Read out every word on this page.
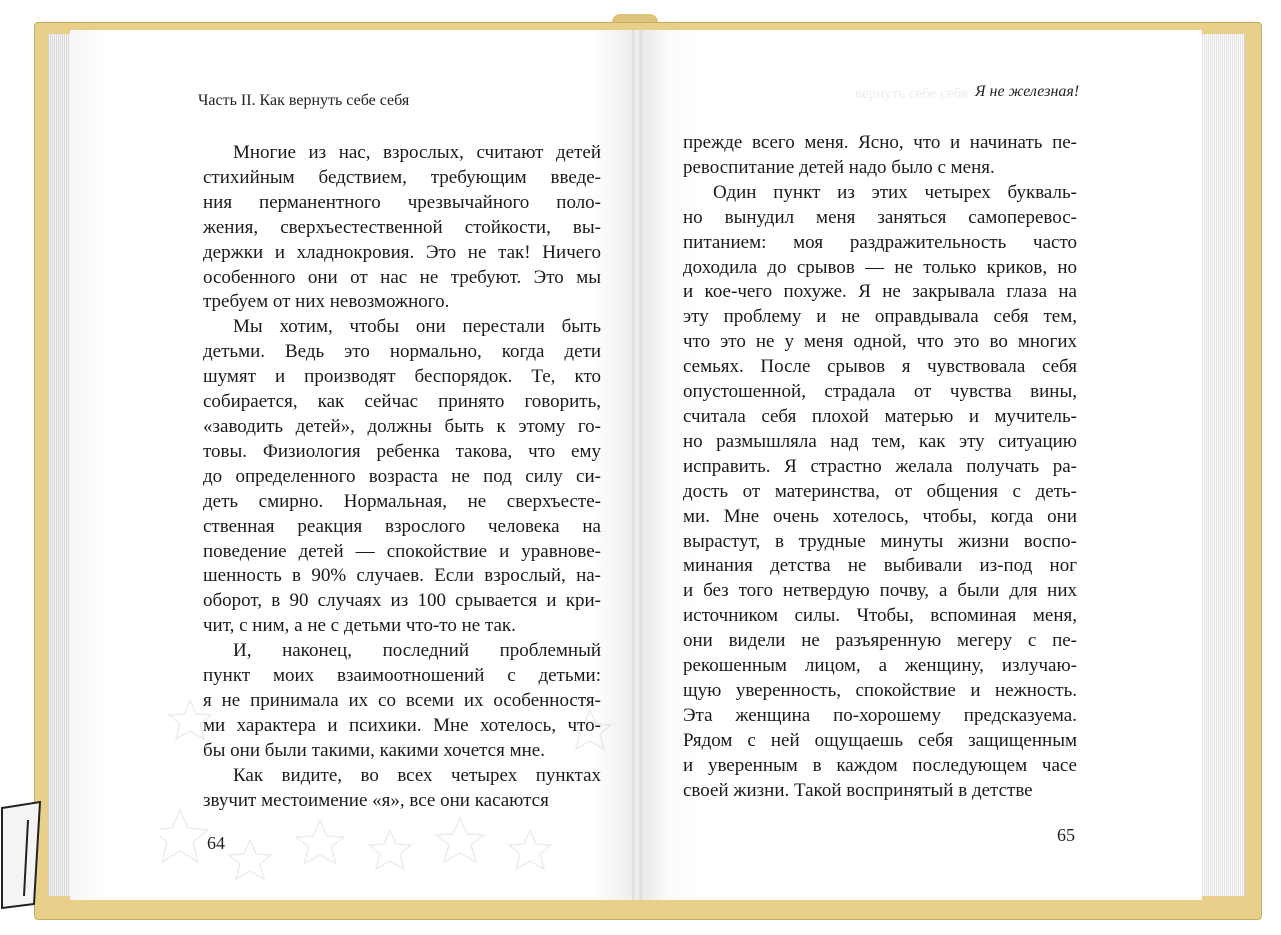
вернуть себе себя
Часть II. Как вернуть себе себя
Я не железная!

Многие из нас, взрослых, считают детей
стихийным бедствием, требующим введе-
ния перманентного чрезвычайного поло-
жения, сверхъестественной стойкости, вы-
держки и хладнокровия. Это не так! Ничего
особенного они от нас не требуют. Это мы
требуем от них невозможного.

Мы хотим, чтобы они перестали быть
детьми. Ведь это нормально, когда дети
шумят и производят беспорядок. Те, кто
собирается, как сейчас принято говорить,
«заводить детей», должны быть к этому го-
товы. Физиология ребенка такова, что ему
до определенного возраста не под силу си-
деть смирно. Нормальная, не сверхъесте-
ственная реакция взрослого человека на
поведение детей — спокойствие и уравнове-
шенность в 90% случаев. Если взрослый, на-
оборот, в 90 случаях из 100 срывается и кри-
чит, с ним, а не с детьми что-то не так.

И, наконец, последний проблемный
пункт моих взаимоотношений с детьми:
я не принимала их со всеми их особенностя-
ми характера и психики. Мне хотелось, что-
бы они были такими, какими хочется мне.

Как видите, во всех четырех пунктах
звучит местоимение «я», все они касаются

прежде всего меня. Ясно, что и начинать пе-
ревоспитание детей надо было с меня.

Один пункт из этих четырех букваль-
но вынудил меня заняться самоперевос-
питанием: моя раздражительность часто
доходила до срывов — не только криков, но
и кое-чего похуже. Я не закрывала глаза на
эту проблему и не оправдывала себя тем,
что это не у меня одной, что это во многих
семьях. После срывов я чувствовала себя
опустошенной, страдала от чувства вины,
считала себя плохой матерью и мучитель-
но размышляла над тем, как эту ситуацию
исправить. Я страстно желала получать ра-
дость от материнства, от общения с деть-
ми. Мне очень хотелось, чтобы, когда они
вырастут, в трудные минуты жизни воспо-
минания детства не выбивали из-под ног
и без того нетвердую почву, а были для них
источником силы. Чтобы, вспоминая меня,
они видели не разъяренную мегеру с пе-
рекошенным лицом, а женщину, излучаю-
щую уверенность, спокойствие и нежность.
Эта женщина по-хорошему предсказуема.
Рядом с ней ощущаешь себя защищенным
и уверенным в каждом последующем часе
своей жизни. Такой воспринятый в детстве

64	65
